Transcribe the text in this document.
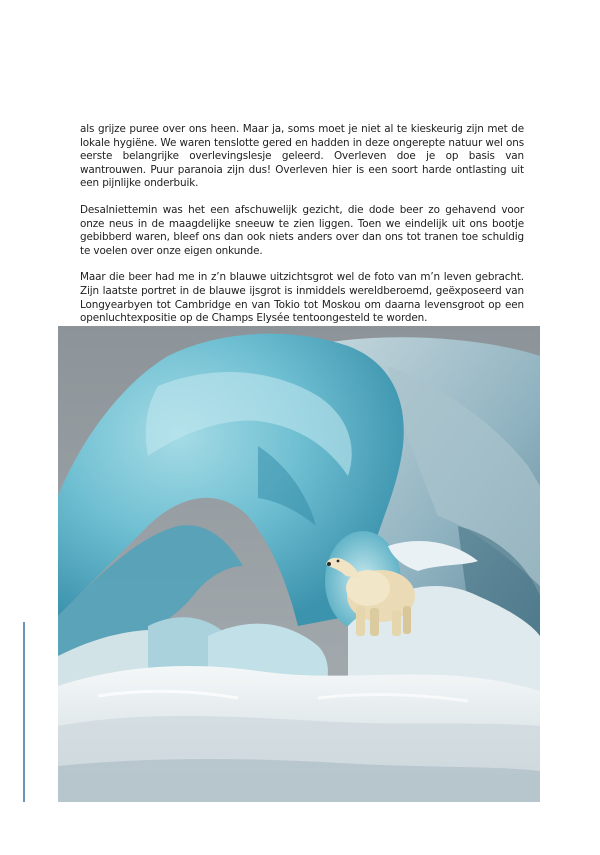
als grijze puree over ons heen. Maar ja, soms moet je niet al te kieskeurig zijn met de lokale hygiëne. We waren tenslotte gered en hadden in deze ongerepte natuur wel ons eerste belangrijke overlevingslesje geleerd. Overleven doe je op basis van wantrouwen. Puur paranoia zijn dus! Overleven hier is een soort harde ontlasting uit een pijnlijke onderbuik.

Desalniettemin was het een afschuwelijk gezicht, die dode beer zo gehavend voor onze neus in de maagdelijke sneeuw te zien liggen. Toen we eindelijk uit ons bootje gebibberd waren, bleef ons dan ook niets anders over dan ons tot tranen toe schuldig te voelen over onze eigen onkunde.

Maar die beer had me in z’n blauwe uitzichtsgrot wel de foto van m’n leven gebracht. Zijn laatste portret in de blauwe ijsgrot is inmiddels wereldberoemd, geëxposeerd van Longyearbyen tot Cambridge en van Tokio tot Moskou om daarna levensgroot op een openluchtexpositie op de Champs Elysée tentoongesteld te worden.
